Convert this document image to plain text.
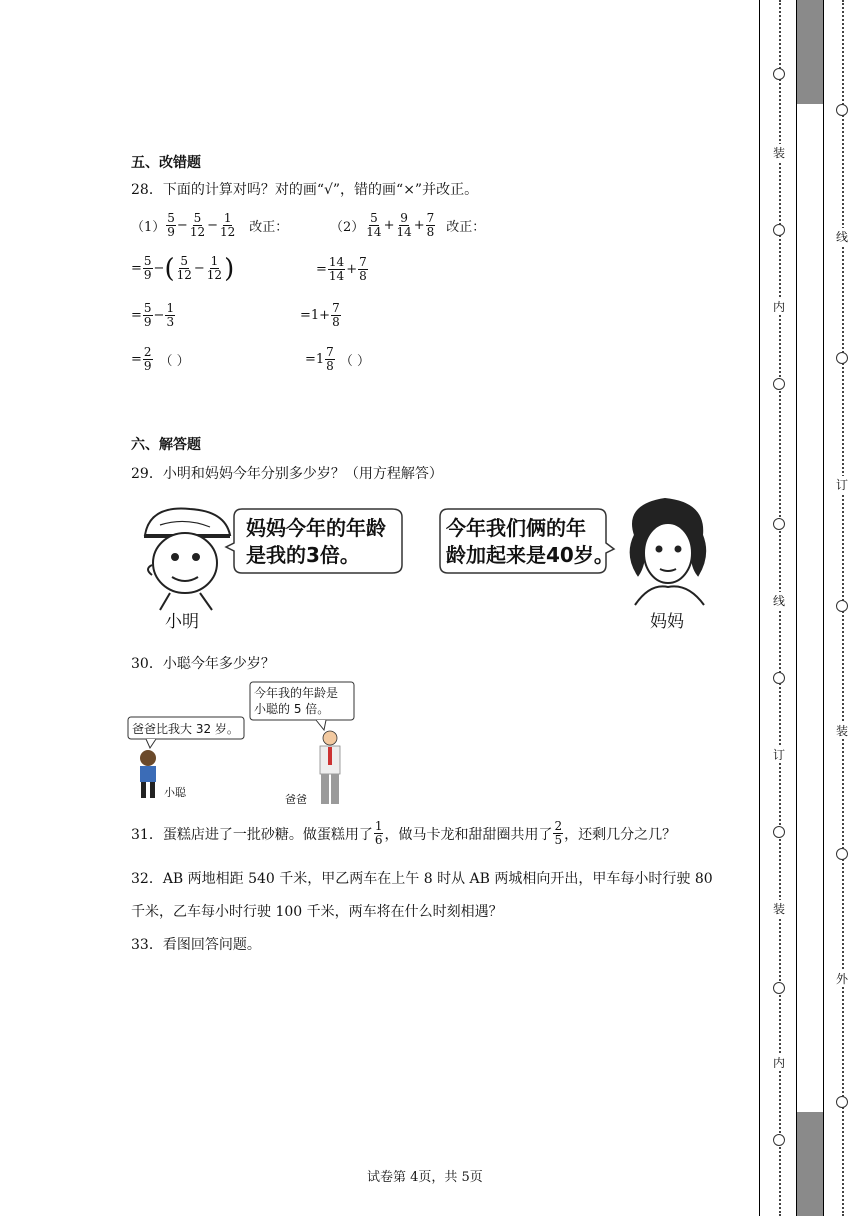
五、改错题
28．下面的计算对吗？对的画“√”，错的画“×”并改正。
$(1) \frac{5}{9} - \frac{5}{12} - \frac{1}{12}$ 改正：
= $\frac{5}{9}$ − ( $\frac{5}{12} - \frac{1}{12}$ )
= $\frac{5}{9} - \frac{1}{3}$
= $\frac{2}{9}$ （ ）
$(2) \frac{5}{14} + \frac{9}{14} + \frac{7}{8}$ 改正：
= $\frac{14}{14} + \frac{7}{8}$
$=1+ \frac{7}{8}$
$=1 \frac{7}{8}$ （ ）
六、解答题
29．小明和妈妈今年分别多少岁？（用方程解答）
妈妈今年的年龄
是我的3倍。
今年我们俩的年
龄加起来是40岁。
小明	妈妈
30．小聪今年多少岁？
今年我的年龄是
小聪的 5 倍。
爸爸比我大 32 岁。
小聪
爸爸
31．蛋糕店进了一批砂糖。做蛋糕用了 $\frac{1}{6}$ ，做马卡龙和甜甜圈共用了 $\frac{2}{5}$ ，还剩几分之几？
32．AB 两地相距 540 千米，甲乙两车在上午 8 时从 AB 两城相向开出，甲车每小时行驶 80
千米，乙车每小时行驶 100 千米，两车将在什么时刻相遇？
33．看图回答问题。
试卷第 4页，共 5页
装
内
线
订
装
内
线
订
装
外
